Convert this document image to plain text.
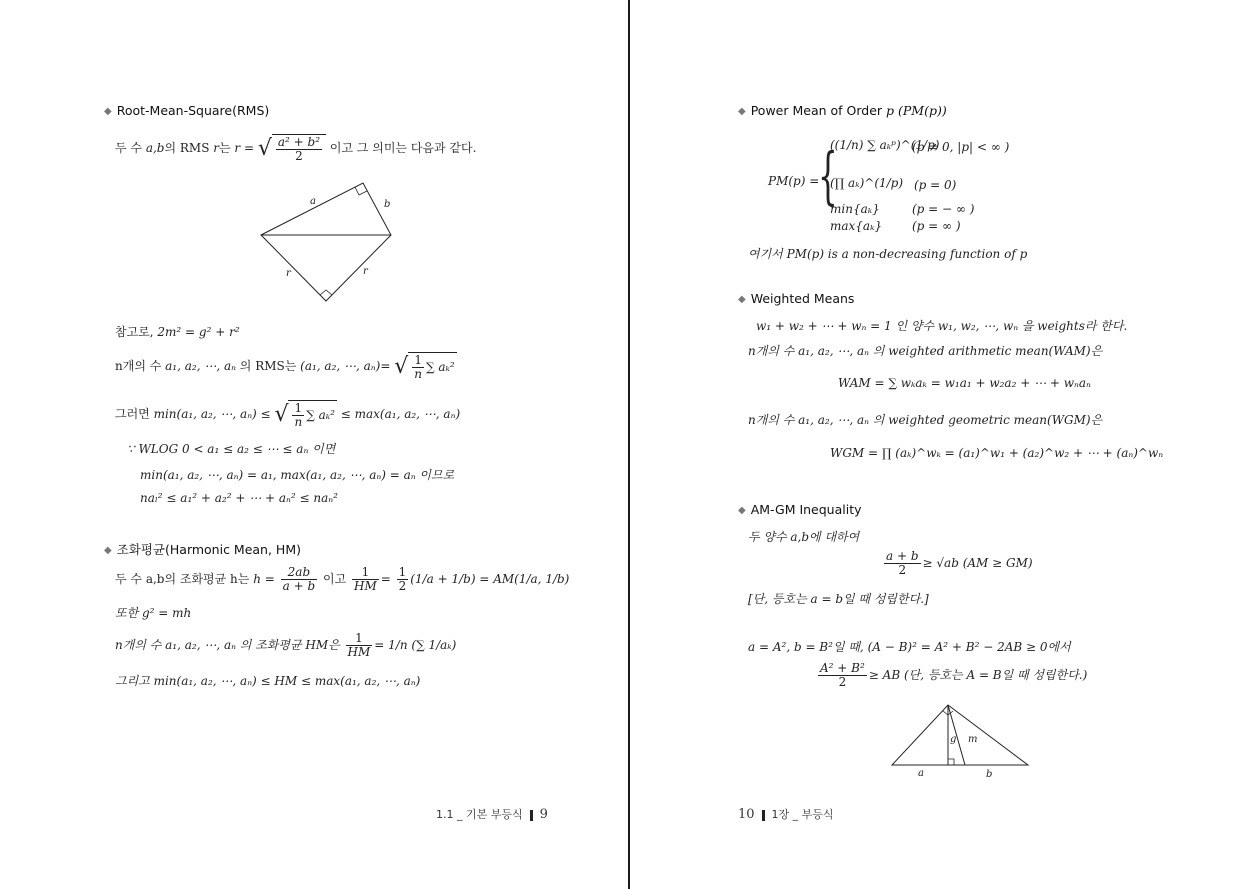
◆ Root-Mean-Square(RMS)
두 수 a,b의 RMS r는 r = √ $\frac{\text{a² + b²}}{2}$ 이고 그 의미는 다음과 같다.
a	b
r	r
참고로, 2m² = g² + r²
n개의 수 a₁, a₂, ⋯, aₙ 의 RMS는 (a₁, a₂, ⋯, aₙ)= √ $\frac{1}{n}$ ∑ aₖ²
그러면 min(a₁, a₂, ⋯, aₙ) ≤ √ $\frac{1}{n}$ ∑ aₖ² ≤ max(a₁, a₂, ⋯, aₙ)
∵ WLOG 0 < a₁ ≤ a₂ ≤ ⋯ ≤ aₙ 이면
min(a₁, a₂, ⋯, aₙ) = a₁, max(a₁, a₂, ⋯, aₙ) = aₙ 이므로
naₗ² ≤ a₁² + a₂² + ⋯ + aₙ² ≤ naₙ²
◆ 조화평균(Harmonic Mean, HM)
두 수 a,b의 조화평균 h는 $h = \frac{2ab}{a + b}$ 이고 $\frac{1}{HM} = \frac{1}{2} (1/a + 1/b) = AM(1/a$, 1/b)
또한 g² = mh
n개의 수 a₁, a₂, ⋯, aₙ 의 조화평균 HM은 $\frac{1}{HM} = 1/n$ (∑ 1/aₖ)
그리고 min(a₁, a₂, ⋯, aₙ) ≤ HM ≤ max(a₁, a₂, ⋯, aₙ)
1.1 _ 기본 부등식 9
◆ Power Mean of Order p (PM(p))
PM(p) =
{
((1/n) ∑ aₖᵖ)^(1/p)
(p ≠ 0, |p| < ∞ )
(∏ aₖ)^(1/p) (p = 0)
min{aₖ}	(p = − ∞ )
max{aₖ} (p = ∞ )
여기서 PM(p) is a non-decreasing function of p
◆ Weighted Means
w₁ + w₂ + ⋯ + wₙ = 1 인 양수 w₁, w₂, ⋯, wₙ 을 weights라 한다.
n개의 수 a₁, a₂, ⋯, aₙ 의 weighted arithmetic mean(WAM)은
WAM = ∑ wₖaₖ = w₁a₁ + w₂a₂ + ⋯ + wₙaₙ
n개의 수 a₁, a₂, ⋯, aₙ 의 weighted geometric mean(WGM)은
WGM = ∏ (aₖ)^wₖ = (a₁)^w₁ + (a₂)^w₂ + ⋯ + (aₙ)^wₙ
◆ AM-GM Inequality
두 양수 a,b에 대하여
$\frac{a + b}{2} \ge √ab$ (AM ≥ GM)
[단, 등호는 a = b일 때 성립한다.]
a = A², b = B²일 때, (A − B)² = A² + B² − 2AB ≥ 0에서
$\frac{\text{A² + B²}}{2}$ ≥ AB (단, 등호는 A = B일 때 성립한다.)
g m
a	b
10 1장 _ 부등식
